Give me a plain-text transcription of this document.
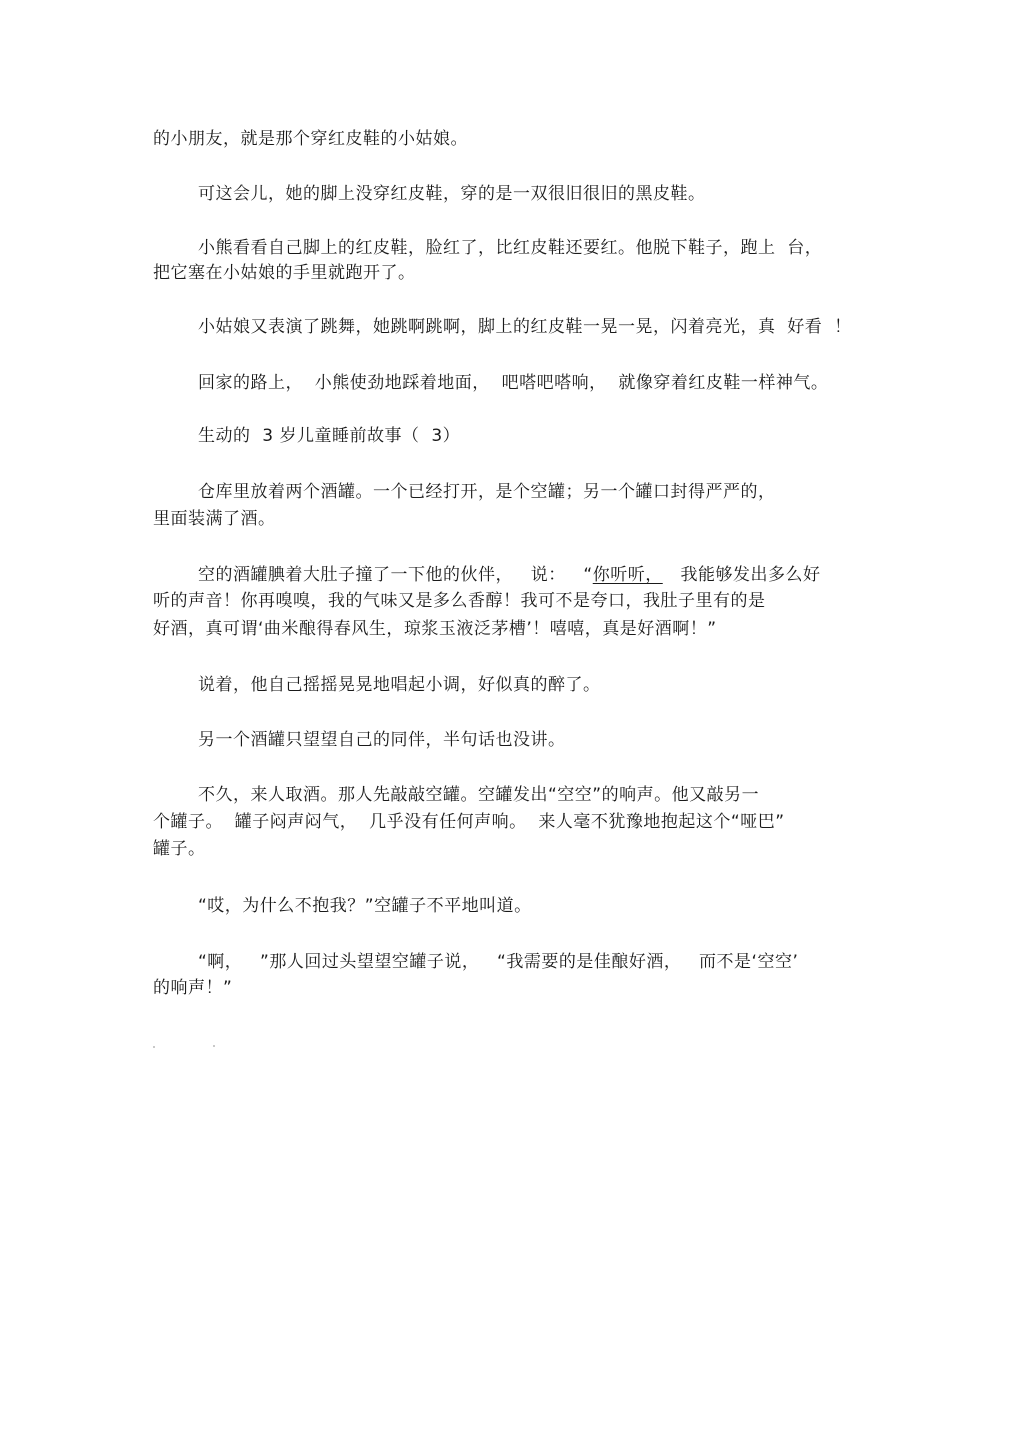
的小朋友，就是那个穿红皮鞋的小姑娘。
可这会儿，她的脚上没穿红皮鞋，穿的是一双很旧很旧的黑皮鞋。
小熊看看自己脚上的红皮鞋，脸红了，比红皮鞋还要红。他脱下鞋子，跑上  台，
把它塞在小姑娘的手里就跑开了。
小姑娘又表演了跳舞，她跳啊跳啊，脚上的红皮鞋一晃一晃，闪着亮光，真  好看  ！
回家的路上，  小熊使劲地踩着地面，  吧嗒吧嗒响，  就像穿着红皮鞋一样神气。
生动的  3 岁儿童睡前故事（  3）
仓库里放着两个酒罐。一个已经打开，是个空罐；另一个罐口封得严严的，
里面装满了酒。
空的酒罐腆着大肚子撞了一下他的伙伴，   说：   “你听听，   我能够发出多么好
听的声音！你再嗅嗅，我的气味又是多么香醇！我可不是夸口，我肚子里有的是
好酒，真可谓‘曲米酿得春风生，琼浆玉液泛茅槽’！嘻嘻，真是好酒啊！”
说着，他自己摇摇晃晃地唱起小调，好似真的醉了。
另一个酒罐只望望自己的同伴，半句话也没讲。
不久，来人取酒。那人先敲敲空罐。空罐发出“空空”的响声。他又敲另一
个罐子。  罐子闷声闷气，  几乎没有任何声响。  来人毫不犹豫地抱起这个“哑巴”
罐子。
“哎，为什么不抱我？”空罐子不平地叫道。
“啊，   ”那人回过头望望空罐子说，   “我需要的是佳酿好酒，   而不是‘空空’
的响声！”
